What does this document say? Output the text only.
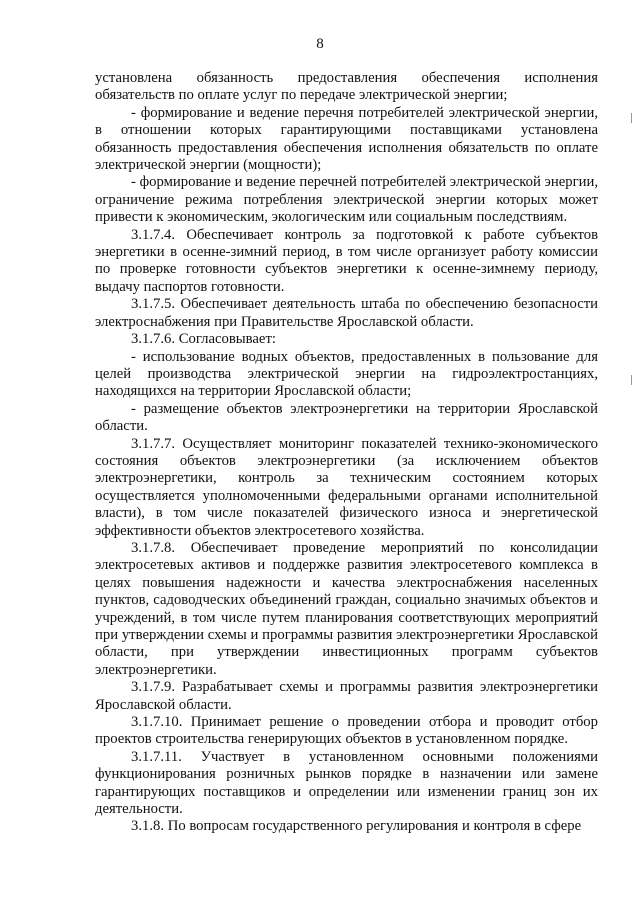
8

установлена обязанность предоставления обеспечения исполнения обязательств по оплате услуг по передаче электрической энергии;

- формирование и ведение перечня потребителей электрической энергии, в отношении которых гарантирующими поставщиками установлена обязанность предоставления обеспечения исполнения обязательств по оплате электрической энергии (мощности);

- формирование и ведение перечней потребителей электрической энергии, ограничение режима потребления электрической энергии которых может привести к экономическим, экологическим или социальным последствиям.

3.1.7.4. Обеспечивает контроль за подготовкой к работе субъектов энергетики в осенне-зимний период, в том числе организует работу комиссии по проверке готовности субъектов энергетики к осенне-зимнему периоду, выдачу паспортов готовности.

3.1.7.5. Обеспечивает деятельность штаба по обеспечению безопасности электроснабжения при Правительстве Ярославской области.

3.1.7.6. Согласовывает:

- использование водных объектов, предоставленных в пользование для целей производства электрической энергии на гидроэлектростанциях, находящихся на территории Ярославской области;

- размещение объектов электроэнергетики на территории Ярославской области.

3.1.7.7. Осуществляет мониторинг показателей технико-экономического состояния объектов электроэнергетики (за исключением объектов электроэнергетики, контроль за техническим состоянием которых осуществляется уполномоченными федеральными органами исполнительной власти), в том числе показателей физического износа и энергетической эффективности объектов электросетевого хозяйства.

3.1.7.8. Обеспечивает проведение мероприятий по консолидации электросетевых активов и поддержке развития электросетевого комплекса в целях повышения надежности и качества электроснабжения населенных пунктов, садоводческих объединений граждан, социально значимых объектов и учреждений, в том числе путем планирования соответствующих мероприятий при утверждении схемы и программы развития электроэнергетики Ярославской области, при утверждении инвестиционных программ субъектов электроэнергетики.

3.1.7.9. Разрабатывает схемы и программы развития электроэнергетики Ярославской области.

3.1.7.10. Принимает решение о проведении отбора и проводит отбор проектов строительства генерирующих объектов в установленном порядке.

3.1.7.11. Участвует в установленном основными положениями функционирования розничных рынков порядке в назначении или замене гарантирующих поставщиков и определении или изменении границ зон их деятельности.

3.1.8. По вопросам государственного регулирования и контроля в сфере
